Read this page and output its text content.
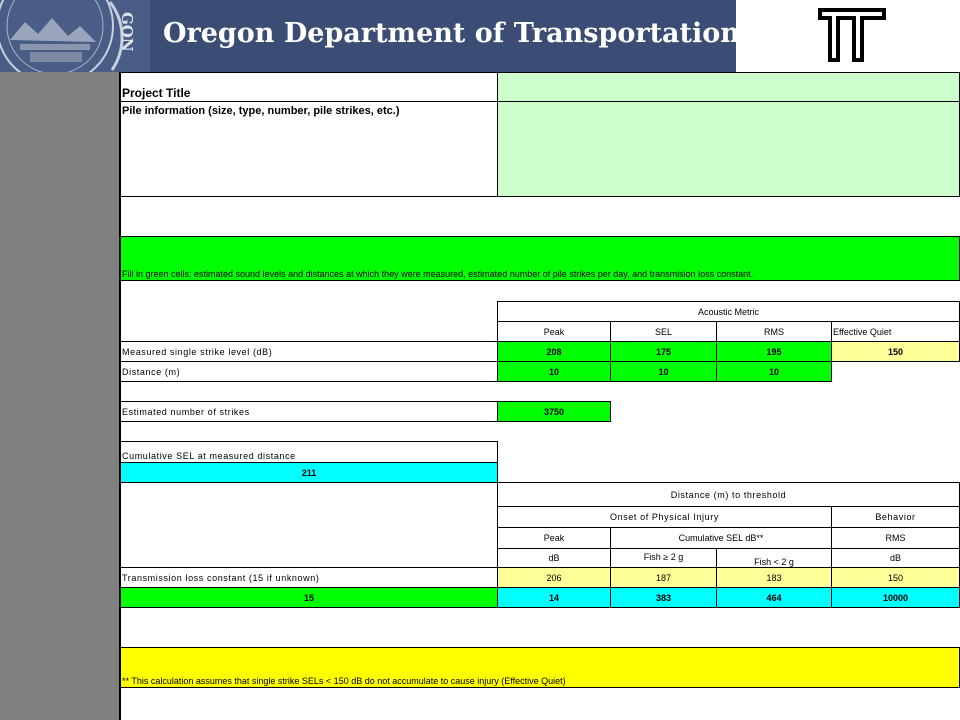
GON Oregon Department of Transportation
Project Title
Pile information (size, type, number, pile strikes, etc.)
Fill in green cells: estimated sound levels and distances at which they were measured, estimated number of pile strikes per day, and transmision loss constant.
Acoustic Metric
Peak	SEL	RMS	Effective Quiet
Measured single strike level (dB)	208	175	195	150
Distance (m)	10	10	10
Estimated number of strikes	3750
Cumulative SEL at measured distance
211
Distance (m) to threshold
Onset of Physical Injury	Behavior
Peak	Cumulative SEL dB**	RMS
dB	Fish ≥ 2 g	Fish < 2 g	dB
Transmission loss constant (15 if unknown)	206	187	183	150
15	14	383	464	10000
** This calculation assumes that single strike SELs < 150 dB do not accumulate to cause injury (Effective Quiet)
